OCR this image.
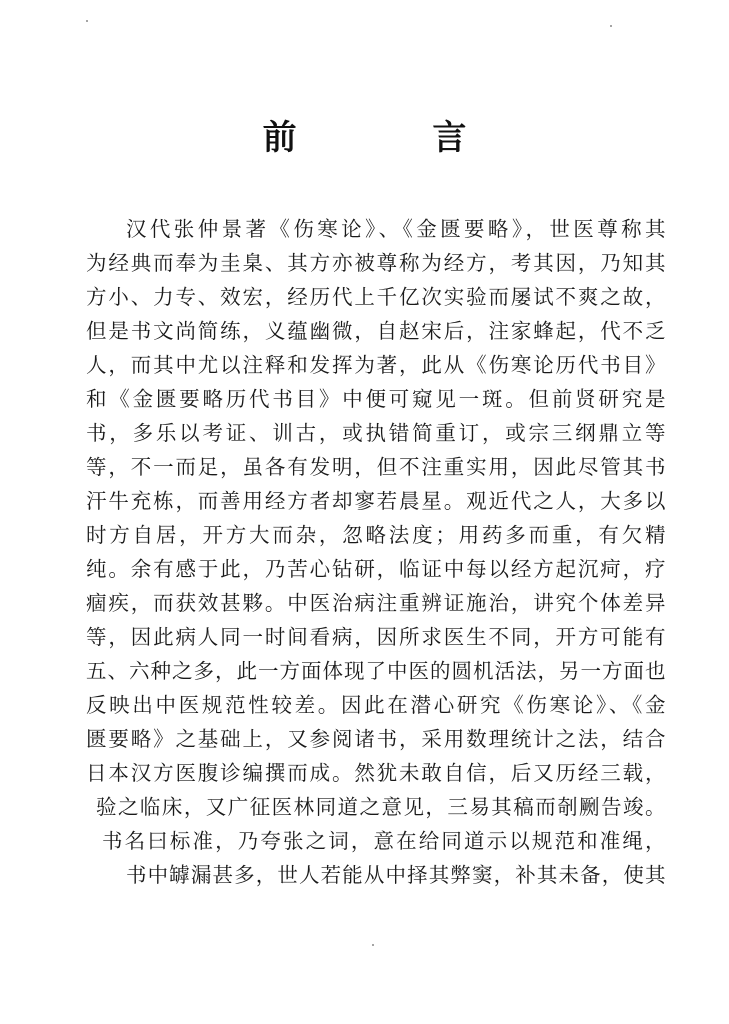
前 言
汉代张仲景著《伤寒论》、《金匮要略》，世医尊称其
为经典而奉为圭臬、其方亦被尊称为经方，考其因，乃知其
方小、力专、效宏，经历代上千亿次实验而屡试不爽之故，
但是书文尚简练，义蕴幽微，自赵宋后，注家蜂起，代不乏
人，而其中尤以注释和发挥为著，此从《伤寒论历代书目》
和《金匮要略历代书目》中便可窥见一斑。但前贤研究是
书，多乐以考证、训古，或执错简重订，或宗三纲鼎立等
等，不一而足，虽各有发明，但不注重实用，因此尽管其书
汗牛充栋，而善用经方者却寥若晨星。观近代之人，大多以
时方自居，开方大而杂，忽略法度；用药多而重，有欠精
纯。余有感于此，乃苦心钻研，临证中每以经方起沉疴，疗
痼疾，而获效甚夥。中医治病注重辨证施治，讲究个体差异
等，因此病人同一时间看病，因所求医生不同，开方可能有
五、六种之多，此一方面体现了中医的圆机活法，另一方面也
反映出中医规范性较差。因此在潜心研究《伤寒论》、《金
匮要略》之基础上，又参阅诸书，采用数理统计之法，结合
日本汉方医腹诊编撰而成。然犹未敢自信，后又历经三载，
验之临床，又广征医林同道之意见，三易其稿而剞劂告竣。
书名曰标准，乃夸张之词，意在给同道示以规范和准绳，
书中罅漏甚多，世人若能从中择其弊窦，补其未备，使其
